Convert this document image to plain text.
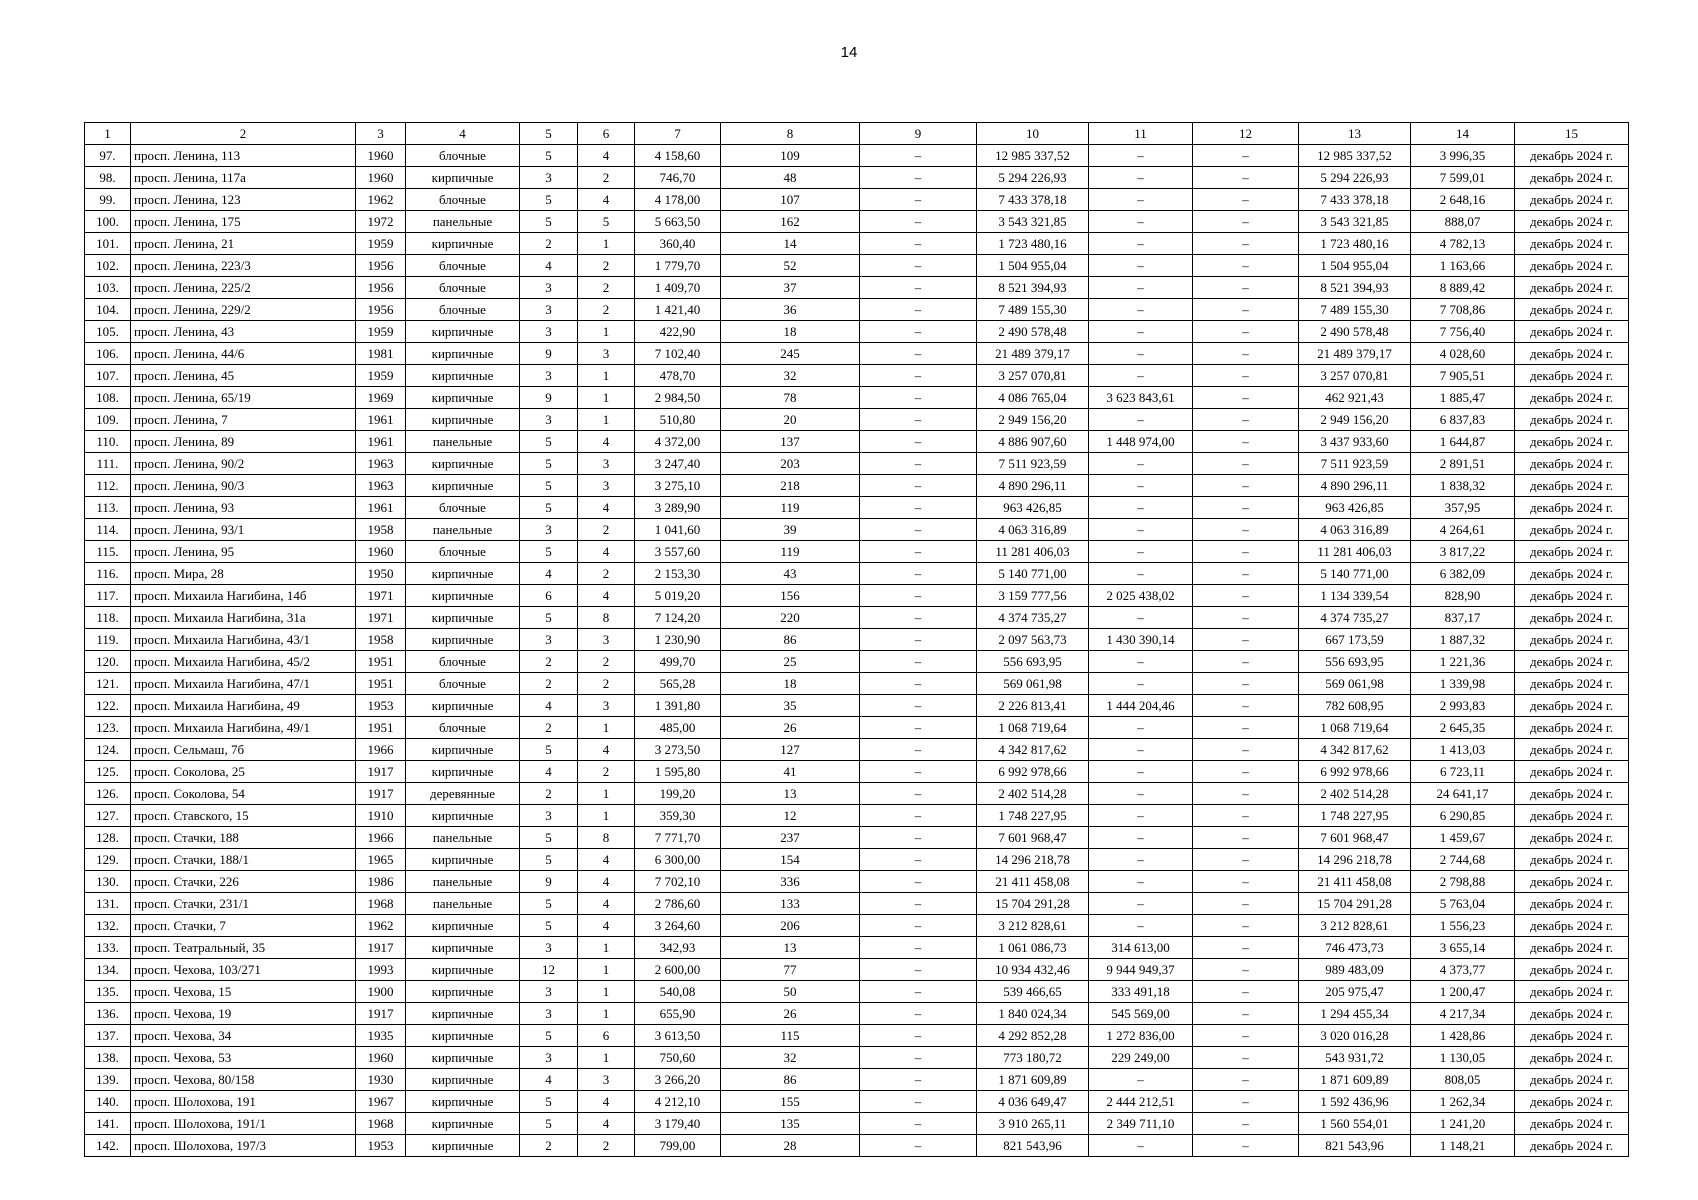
14
1	2	3	4	5	6	7	8	9	10	11	12	13	14	15
97.	просп. Ленина, 113	1960	блочные	5	4	4 158,60	109	–	12 985 337,52	–	–	12 985 337,52	3 996,35	декабрь 2024 г.
98.	просп. Ленина, 117а	1960	кирпичные	3	2	746,70	48	–	5 294 226,93	–	–	5 294 226,93	7 599,01	декабрь 2024 г.
99.	просп. Ленина, 123	1962	блочные	5	4	4 178,00	107	–	7 433 378,18	–	–	7 433 378,18	2 648,16	декабрь 2024 г.
100.	просп. Ленина, 175	1972	панельные	5	5	5 663,50	162	–	3 543 321,85	–	–	3 543 321,85	888,07	декабрь 2024 г.
101.	просп. Ленина, 21	1959	кирпичные	2	1	360,40	14	–	1 723 480,16	–	–	1 723 480,16	4 782,13	декабрь 2024 г.
102.	просп. Ленина, 223/3	1956	блочные	4	2	1 779,70	52	–	1 504 955,04	–	–	1 504 955,04	1 163,66	декабрь 2024 г.
103.	просп. Ленина, 225/2	1956	блочные	3	2	1 409,70	37	–	8 521 394,93	–	–	8 521 394,93	8 889,42	декабрь 2024 г.
104.	просп. Ленина, 229/2	1956	блочные	3	2	1 421,40	36	–	7 489 155,30	–	–	7 489 155,30	7 708,86	декабрь 2024 г.
105.	просп. Ленина, 43	1959	кирпичные	3	1	422,90	18	–	2 490 578,48	–	–	2 490 578,48	7 756,40	декабрь 2024 г.
106.	просп. Ленина, 44/6	1981	кирпичные	9	3	7 102,40	245	–	21 489 379,17	–	–	21 489 379,17	4 028,60	декабрь 2024 г.
107.	просп. Ленина, 45	1959	кирпичные	3	1	478,70	32	–	3 257 070,81	–	–	3 257 070,81	7 905,51	декабрь 2024 г.
108.	просп. Ленина, 65/19	1969	кирпичные	9	1	2 984,50	78	–	4 086 765,04	3 623 843,61	–	462 921,43	1 885,47	декабрь 2024 г.
109.	просп. Ленина, 7	1961	кирпичные	3	1	510,80	20	–	2 949 156,20	–	–	2 949 156,20	6 837,83	декабрь 2024 г.
110.	просп. Ленина, 89	1961	панельные	5	4	4 372,00	137	–	4 886 907,60	1 448 974,00	–	3 437 933,60	1 644,87	декабрь 2024 г.
111.	просп. Ленина, 90/2	1963	кирпичные	5	3	3 247,40	203	–	7 511 923,59	–	–	7 511 923,59	2 891,51	декабрь 2024 г.
112.	просп. Ленина, 90/3	1963	кирпичные	5	3	3 275,10	218	–	4 890 296,11	–	–	4 890 296,11	1 838,32	декабрь 2024 г.
113.	просп. Ленина, 93	1961	блочные	5	4	3 289,90	119	–	963 426,85	–	–	963 426,85	357,95	декабрь 2024 г.
114.	просп. Ленина, 93/1	1958	панельные	3	2	1 041,60	39	–	4 063 316,89	–	–	4 063 316,89	4 264,61	декабрь 2024 г.
115.	просп. Ленина, 95	1960	блочные	5	4	3 557,60	119	–	11 281 406,03	–	–	11 281 406,03	3 817,22	декабрь 2024 г.
116.	просп. Мира, 28	1950	кирпичные	4	2	2 153,30	43	–	5 140 771,00	–	–	5 140 771,00	6 382,09	декабрь 2024 г.
117.	просп. Михаила Нагибина, 14б	1971	кирпичные	6	4	5 019,20	156	–	3 159 777,56	2 025 438,02	–	1 134 339,54	828,90	декабрь 2024 г.
118.	просп. Михаила Нагибина, 31а	1971	кирпичные	5	8	7 124,20	220	–	4 374 735,27	–	–	4 374 735,27	837,17	декабрь 2024 г.
119.	просп. Михаила Нагибина, 43/1	1958	кирпичные	3	3	1 230,90	86	–	2 097 563,73	1 430 390,14	–	667 173,59	1 887,32	декабрь 2024 г.
120.	просп. Михаила Нагибина, 45/2	1951	блочные	2	2	499,70	25	–	556 693,95	–	–	556 693,95	1 221,36	декабрь 2024 г.
121.	просп. Михаила Нагибина, 47/1	1951	блочные	2	2	565,28	18	–	569 061,98	–	–	569 061,98	1 339,98	декабрь 2024 г.
122.	просп. Михаила Нагибина, 49	1953	кирпичные	4	3	1 391,80	35	–	2 226 813,41	1 444 204,46	–	782 608,95	2 993,83	декабрь 2024 г.
123.	просп. Михаила Нагибина, 49/1	1951	блочные	2	1	485,00	26	–	1 068 719,64	–	–	1 068 719,64	2 645,35	декабрь 2024 г.
124.	просп. Сельмаш, 7б	1966	кирпичные	5	4	3 273,50	127	–	4 342 817,62	–	–	4 342 817,62	1 413,03	декабрь 2024 г.
125.	просп. Соколова, 25	1917	кирпичные	4	2	1 595,80	41	–	6 992 978,66	–	–	6 992 978,66	6 723,11	декабрь 2024 г.
126.	просп. Соколова, 54	1917	деревянные	2	1	199,20	13	–	2 402 514,28	–	–	2 402 514,28	24 641,17	декабрь 2024 г.
127.	просп. Ставского, 15	1910	кирпичные	3	1	359,30	12	–	1 748 227,95	–	–	1 748 227,95	6 290,85	декабрь 2024 г.
128.	просп. Стачки, 188	1966	панельные	5	8	7 771,70	237	–	7 601 968,47	–	–	7 601 968,47	1 459,67	декабрь 2024 г.
129.	просп. Стачки, 188/1	1965	кирпичные	5	4	6 300,00	154	–	14 296 218,78	–	–	14 296 218,78	2 744,68	декабрь 2024 г.
130.	просп. Стачки, 226	1986	панельные	9	4	7 702,10	336	–	21 411 458,08	–	–	21 411 458,08	2 798,88	декабрь 2024 г.
131.	просп. Стачки, 231/1	1968	панельные	5	4	2 786,60	133	–	15 704 291,28	–	–	15 704 291,28	5 763,04	декабрь 2024 г.
132.	просп. Стачки, 7	1962	кирпичные	5	4	3 264,60	206	–	3 212 828,61	–	–	3 212 828,61	1 556,23	декабрь 2024 г.
133.	просп. Театральный, 35	1917	кирпичные	3	1	342,93	13	–	1 061 086,73	314 613,00	–	746 473,73	3 655,14	декабрь 2024 г.
134.	просп. Чехова, 103/271	1993	кирпичные	12	1	2 600,00	77	–	10 934 432,46	9 944 949,37	–	989 483,09	4 373,77	декабрь 2024 г.
135.	просп. Чехова, 15	1900	кирпичные	3	1	540,08	50	–	539 466,65	333 491,18	–	205 975,47	1 200,47	декабрь 2024 г.
136.	просп. Чехова, 19	1917	кирпичные	3	1	655,90	26	–	1 840 024,34	545 569,00	–	1 294 455,34	4 217,34	декабрь 2024 г.
137.	просп. Чехова, 34	1935	кирпичные	5	6	3 613,50	115	–	4 292 852,28	1 272 836,00	–	3 020 016,28	1 428,86	декабрь 2024 г.
138.	просп. Чехова, 53	1960	кирпичные	3	1	750,60	32	–	773 180,72	229 249,00	–	543 931,72	1 130,05	декабрь 2024 г.
139.	просп. Чехова, 80/158	1930	кирпичные	4	3	3 266,20	86	–	1 871 609,89	–	–	1 871 609,89	808,05	декабрь 2024 г.
140.	просп. Шолохова, 191	1967	кирпичные	5	4	4 212,10	155	–	4 036 649,47	2 444 212,51	–	1 592 436,96	1 262,34	декабрь 2024 г.
141.	просп. Шолохова, 191/1	1968	кирпичные	5	4	3 179,40	135	–	3 910 265,11	2 349 711,10	–	1 560 554,01	1 241,20	декабрь 2024 г.
142.	просп. Шолохова, 197/3	1953	кирпичные	2	2	799,00	28	–	821 543,96	–	–	821 543,96	1 148,21	декабрь 2024 г.
